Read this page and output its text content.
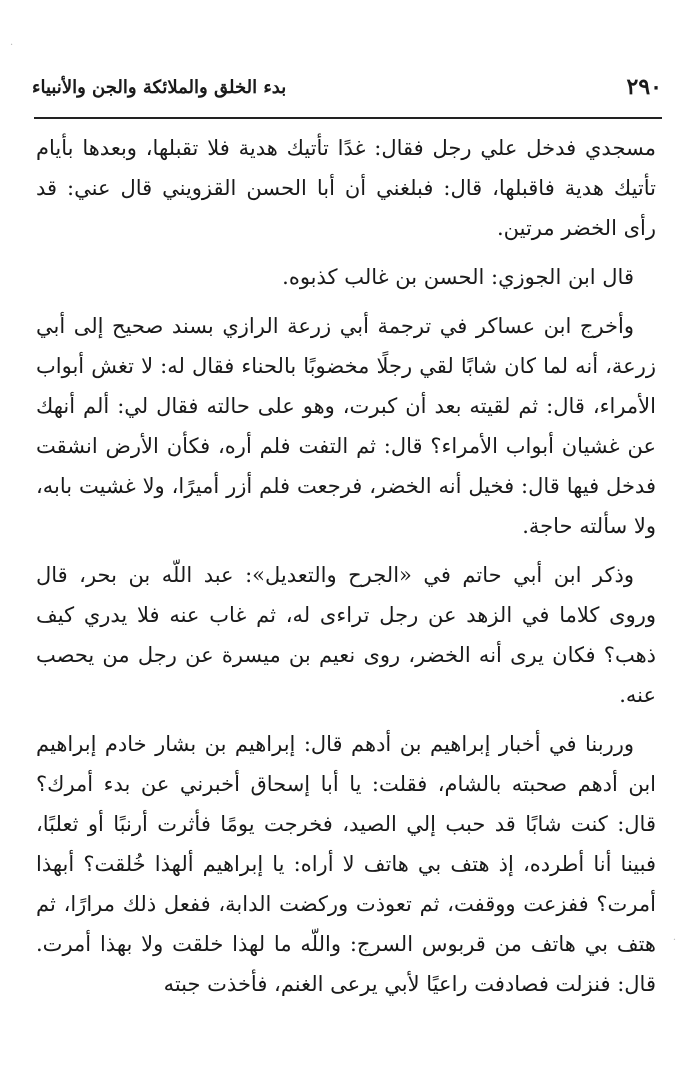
٢٩٠
بدء الخلق والملائكة والجن والأنبياء

مسجدي فدخل علي رجل فقال: غدًا تأتيك هدية فلا تقبلها، وبعدها بأيام تأتيك هدية فاقبلها، قال: فبلغني أن أبا الحسن القزويني قال عني: قد رأى الخضر مرتين.

قال ابن الجوزي: الحسن بن غالب كذبوه.

وأخرج ابن عساكر في ترجمة أبي زرعة الرازي بسند صحيح إلى أبي زرعة، أنه لما كان شابًا لقي رجلًا مخضوبًا بالحناء فقال له: لا تغش أبواب الأمراء، قال: ثم لقيته بعد أن كبرت، وهو على حالته فقال لي: ألم أنهك عن غشيان أبواب الأمراء؟ قال: ثم التفت فلم أره، فكأن الأرض انشقت فدخل فيها قال: فخيل أنه الخضر، فرجعت فلم أزر أميرًا، ولا غشيت بابه، ولا سألته حاجة.

وذكر ابن أبي حاتم في «الجرح والتعديل»: عبد اللّه بن بحر، قال وروى كلاما في الزهد عن رجل تراءى له، ثم غاب عنه فلا يدري كيف ذهب؟ فكان يرى أنه الخضر، روى نعيم بن ميسرة عن رجل من يحصب عنه.

ورربنا في أخبار إبراهيم بن أدهم قال: إبراهيم بن بشار خادم إبراهيم ابن أدهم صحبته بالشام، فقلت: يا أبا إسحاق أخبرني عن بدء أمرك؟ قال: كنت شابًا قد حبب إلي الصيد، فخرجت يومًا فأثرت أرنبًا أو ثعلبًا، فبينا أنا أطرده، إذ هتف بي هاتف لا أراه: يا إبراهيم ألهذا خُلقت؟ أبهذا أمرت؟ ففزعت ووقفت، ثم تعوذت وركضت الدابة، ففعل ذلك مرارًا، ثم هتف بي هاتف من قربوس السرج: واللّه ما لهذا خلقت ولا بهذا أمرت. قال: فنزلت فصادفت راعيًا لأبي يرعى الغنم، فأخذت جبته

·
·
